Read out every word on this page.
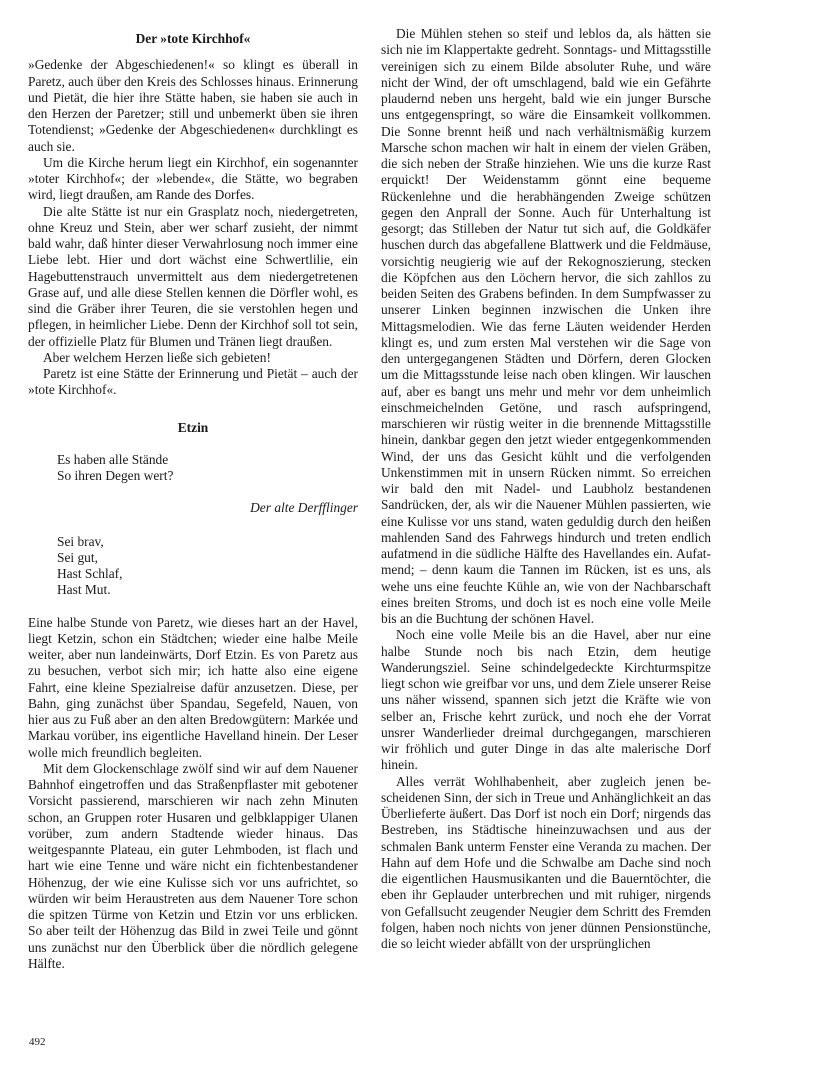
Der »tote Kirchhof«

»Gedenke der Abgeschiedenen!« so klingt es überall in Paretz, auch über den Kreis des Schlosses hinaus. Erinnerung und Pietät, die hier ihre Stätte haben, sie haben sie auch in den Herzen der Paretzer; still und unbemerkt üben sie ihren Totendienst; »Gedenke der Abgeschiedenen« durchklingt es auch sie.

Um die Kirche herum liegt ein Kirchhof, ein sogenannter »toter Kirchhof«; der »lebende«, die Stätte, wo begraben wird, liegt draußen, am Rande des Dorfes.

Die alte Stätte ist nur ein Grasplatz noch, niedergetreten, ohne Kreuz und Stein, aber wer scharf zusieht, der nimmt bald wahr, daß hinter dieser Verwahrlosung noch immer eine Liebe lebt. Hier und dort wächst eine Schwertlilie, ein Hagebuttenstrauch unvermittelt aus dem niedergetretenen Grase auf, und alle diese Stellen kennen die Dörfler wohl, es sind die Gräber ihrer Teuren, die sie verstohlen hegen und pflegen, in heimlicher Liebe. Denn der Kirchhof soll tot sein, der offizielle Platz für Blumen und Tränen liegt draußen.

Aber welchem Herzen ließe sich gebieten!

Paretz ist eine Stätte der Erinnerung und Pietät – auch der »tote Kirchhof«.

Etzin

Es haben alle Stände
So ihren Degen wert?

Der alte Derfflinger

Sei brav,
Sei gut,
Hast Schlaf,
Hast Mut.

Eine halbe Stunde von Paretz, wie dieses hart an der Havel, liegt Ketzin, schon ein Städtchen; wieder eine halbe Meile weiter, aber nun landeinwärts, Dorf Etzin. Es von Paretz aus zu besuchen, verbot sich mir; ich hatte also eine eigene Fahrt, eine kleine Spezialreise dafür anzusetzen. Diese, per Bahn, ging zunächst über Spandau, Segefeld, Nauen, von hier aus zu Fuß aber an den alten Bredowgütern: Markée und Markau vorüber, ins eigentliche Havelland hinein. Der Leser wolle mich freundlich begleiten.

Mit dem Glockenschlage zwölf sind wir auf dem Nauener Bahnhof eingetroffen und das Straßenpflaster mit gebotener Vorsicht passierend, marschieren wir nach zehn Minuten schon, an Gruppen roter Husaren und gelbklappiger Ulanen vorüber, zum andern Stadtende wieder hinaus. Das weitgespannte Plateau, ein guter Lehmboden, ist flach und hart wie eine Tenne und wäre nicht ein fichtenbestandener Höhenzug, der wie eine Kulisse sich vor uns aufrichtet, so würden wir beim Heraustreten aus dem Nauener Tore schon die spitzen Türme von Ketzin und Etzin vor uns erblicken. So aber teilt der Höhenzug das Bild in zwei Teile und gönnt uns zunächst nur den Überblick über die nördlich gelegene Hälfte.

Die Mühlen stehen so steif und leblos da, als hätten sie sich nie im Klappertakte gedreht. Sonntags- und Mittagsstille vereinigen sich zu einem Bilde absoluter Ruhe, und wäre nicht der Wind, der oft umschlagend, bald wie ein Gefährte plaudernd neben uns hergeht, bald wie ein junger Bursche uns entgegenspringt, so wäre die Einsamkeit vollkommen. Die Sonne brennt heiß und nach verhältnismäßig kurzem Marsche schon machen wir halt in einem der vielen Gräben, die sich neben der Straße hinziehen. Wie uns die kurze Rast erquickt! Der Weidenstamm gönnt eine bequeme Rückenlehne und die herabhängenden Zweige schützen gegen den Anprall der Sonne. Auch für Unterhaltung ist gesorgt; das Stilleben der Natur tut sich auf, die Goldkäfer huschen durch das abgefallene Blattwerk und die Feldmäuse, vorsichtig neugierig wie auf der Rekognoszierung, stecken die Köpfchen aus den Löchern hervor, die sich zahllos zu beiden Seiten des Grabens befinden. In dem Sumpfwasser zu unserer Linken beginnen inzwischen die Unken ihre Mittagsmelodien. Wie das ferne Läuten weidender Herden klingt es, und zum ersten Mal verstehen wir die Sage von den untergegangenen Städten und Dörfern, deren Glocken um die Mittagsstunde leise nach oben klingen. Wir lauschen auf, aber es bangt uns mehr und mehr vor dem unheimlich einschmeichelnden Getöne, und rasch aufspringend, marschieren wir rüstig weiter in die brennende Mittagsstille hinein, dankbar gegen den jetzt wieder entgegenkommenden Wind, der uns das Gesicht kühlt und die verfolgenden Unkenstimmen mit in unsern Rücken nimmt. So erreichen wir bald den mit Nadel- und Laubholz bestandenen Sandrücken, der, als wir die Nauener Mühlen passierten, wie eine Kulisse vor uns stand, waten geduldig durch den heißen mahlenden Sand des Fahrwegs hindurch und treten endlich aufatmend in die südliche Hälfte des Havellandes ein. Aufatmend; – denn kaum die Tannen im Rücken, ist es uns, als wehe uns eine feuchte Kühle an, wie von der Nachbarschaft eines breiten Stroms, und doch ist es noch eine volle Meile bis an die Buchtung der schönen Havel.

Noch eine volle Meile bis an die Havel, aber nur eine halbe Stunde noch bis nach Etzin, dem heutige Wanderungsziel. Seine schindelgedeckte Kirchturmspitze liegt schon wie greifbar vor uns, und dem Ziele unserer Reise uns näher wissend, spannen sich jetzt die Kräfte wie von selber an, Frische kehrt zurück, und noch ehe der Vorrat unsrer Wanderlieder dreimal durchgegangen, marschieren wir fröhlich und guter Dinge in das alte malerische Dorf hinein.

Alles verrät Wohlhabenheit, aber zugleich jenen bescheidenen Sinn, der sich in Treue und Anhänglichkeit an das Überlieferte äußert. Das Dorf ist noch ein Dorf; nirgends das Bestreben, ins Städtische hineinzuwachsen und aus der schmalen Bank unterm Fenster eine Veranda zu machen. Der Hahn auf dem Hofe und die Schwalbe am Dache sind noch die eigentlichen Hausmusikanten und die Bauerntöchter, die eben ihr Geplauder unterbrechen und mit ruhiger, nirgends von Gefallsucht zeugender Neugier dem Schritt des Fremden folgen, haben noch nichts von jener dünnen Pensionstünche, die so leicht wieder abfällt von der ursprünglichen

492
